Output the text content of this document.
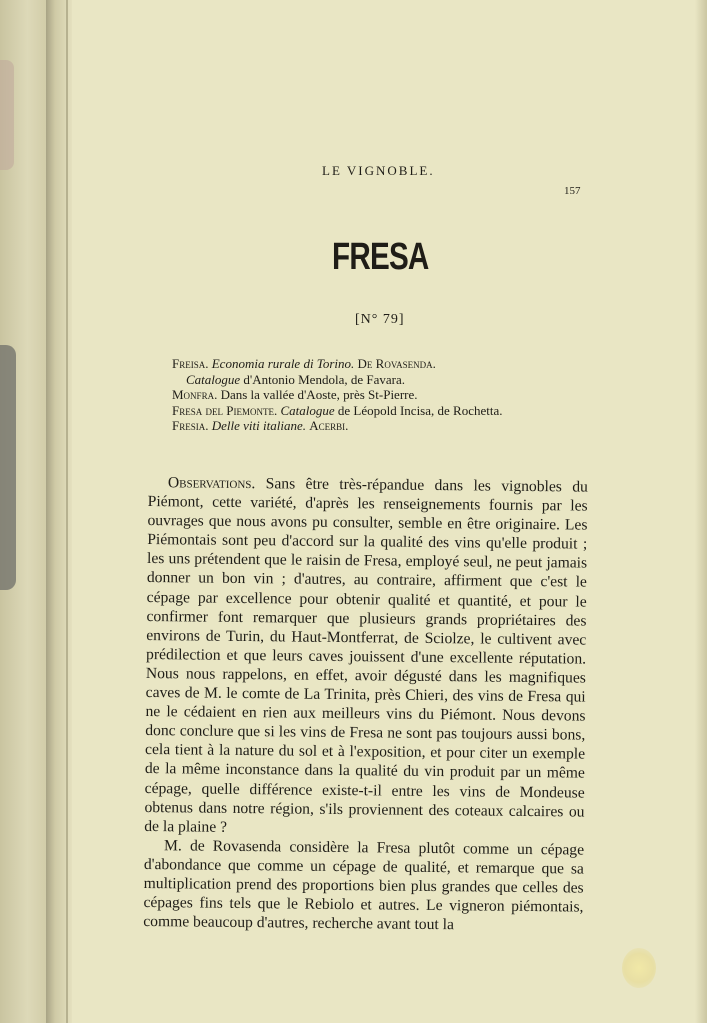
LE VIGNOBLE.
157
FRESA
[N° 79]
Freisa. Economia rurale di Torino. De Rovasenda.
Catalogue d'Antonio Mendola, de Favara.
Monfra. Dans la vallée d'Aoste, près St-Pierre.
Fresa del Piemonte. Catalogue de Léopold Incisa, de Rochetta.
Fresia. Delle viti italiane. Acerbi.

Observations. Sans être très-répandue dans les vignobles du Piémont, cette variété, d'après les renseignements fournis par les ouvrages que nous avons pu consulter, semble en être originaire. Les Piémontais sont peu d'accord sur la qualité des vins qu'elle produit ; les uns prétendent que le raisin de Fresa, employé seul, ne peut jamais donner un bon vin ; d'autres, au contraire, affirment que c'est le cépage par excellence pour obtenir qualité et quantité, et pour le confirmer font remarquer que plusieurs grands propriétaires des environs de Turin, du Haut-Montferrat, de Sciolze, le cultivent avec prédilection et que leurs caves jouissent d'une excellente réputation. Nous nous rappelons, en effet, avoir dégusté dans les magnifiques caves de M. le comte de La Trinita, près Chieri, des vins de Fresa qui ne le cédaient en rien aux meilleurs vins du Piémont. Nous devons donc conclure que si les vins de Fresa ne sont pas toujours aussi bons, cela tient à la nature du sol et à l'exposition, et pour citer un exemple de la même inconstance dans la qualité du vin produit par un même cépage, quelle différence existe-t-il entre les vins de Mondeuse obtenus dans notre région, s'ils proviennent des coteaux calcaires ou de la plaine ?

M. de Rovasenda considère la Fresa plutôt comme un cépage d'abondance que comme un cépage de qualité, et remarque que sa multiplication prend des proportions bien plus grandes que celles des cépages fins tels que le Rebiolo et autres. Le vigneron piémontais, comme beaucoup d'autres, recherche avant tout la
